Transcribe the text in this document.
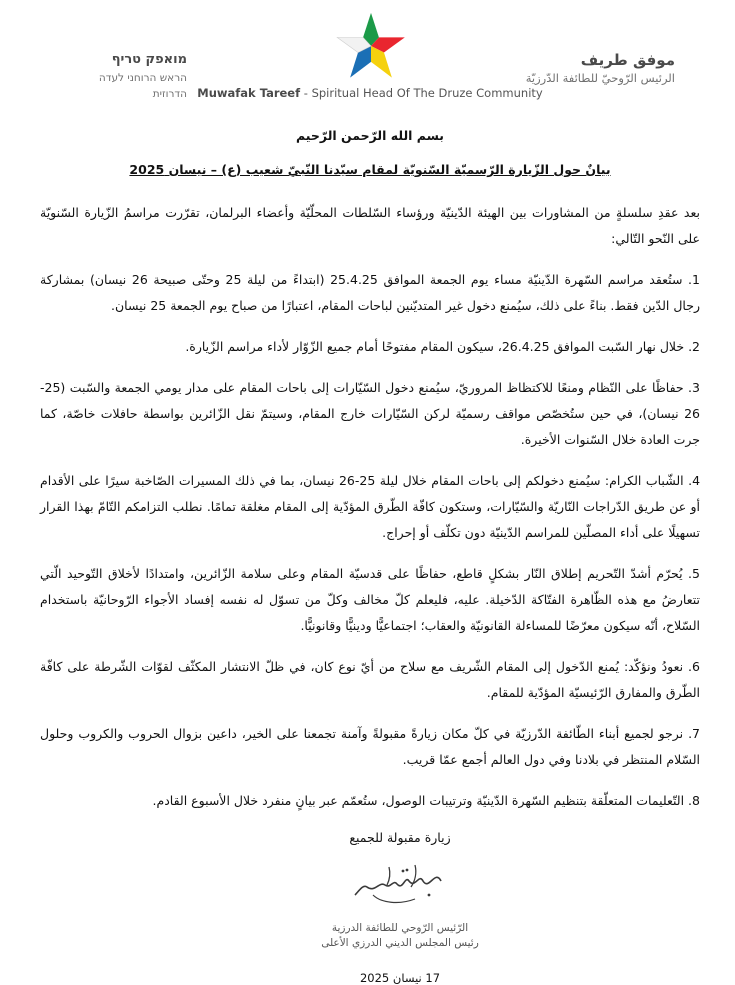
موفق طريف
الرئيس الرّوحيّ للطائفة الدّرزيّة
מואפק טריף
הראש הרוחני לעדה הדרוזית Muwafak Tareef - Spiritual Head Of The Druze Community
بسم الله الرّحمن الرّحيم
بيانٌ حول الزّيارة الرّسميّة السّنويّة لمقام سيّدنا النّبيّ شعيب (ع) – نيسان 2025

بعد عقدِ سلسلةٍ من المشاورات بين الهيئة الدّينيّة ورؤساء السّلطات المحلّيّة وأعضاء البرلمان، تقرّرت مراسمُ الزّيارة السّنويّة على النّحو التّالي:

1. ستُعقد مراسم السّهرة الدّينيّة مساء يوم الجمعة الموافق 25.4.25 (ابتداءً من ليلة 25 وحتّى صبيحة 26 نيسان) بمشاركة رجال الدّين فقط. بناءً على ذلك، سيُمنع دخول غير المتديّنين لباحات المقام، اعتبارًا من صباح يوم الجمعة 25 نيسان.

2. خلال نهار السّبت الموافق 26.4.25، سيكون المقام مفتوحًا أمام جميع الزّوّار لأداء مراسم الزّيارة.

3. حفاظًا على النّظام ومنعًا للاكتظاظ المروريّ، سيُمنع دخول السّيّارات إلى باحات المقام على مدار يومي الجمعة والسّبت (25-26 نيسان)، في حين ستُخصّص مواقف رسميّة لركن السّيّارات خارج المقام، وسيتمّ نقل الزّائرين بواسطة حافلات خاصّة، كما جرت العادة خلال السّنوات الأخيرة.

4. الشّباب الكرام: سيُمنع دخولكم إلى باحات المقام خلال ليلة 25-26 نيسان، بما في ذلك المسيرات الصّاخبة سيرًا على الأقدام أو عن طريق الدّراجات النّاريّة والسّيّارات، وستكون كافّة الطّرق المؤدّية إلى المقام مغلقة تمامًا. نطلب التزامكم التّامّ بهذا القرار تسهيلًا على أداء المصلّين للمراسم الدّينيّة دون تكلّف أو إحراج.

5. يُحرّم أشدّ التّحريم إطلاق النّار بشكلٍ قاطع، حفاظًا على قدسيّة المقام وعلى سلامة الزّائرين، وامتدادًا لأخلاق التّوحيد الّتي تتعارضُ مع هذه الظّاهرة الفتّاكة الدّخيلة. عليه، فليعلم كلّ مخالف وكلّ من تسوّل له نفسه إفساد الأجواء الرّوحانيّة باستخدام السّلاح، أنّه سيكون معرّضًا للمساءلة القانونيّة والعقاب؛ اجتماعيًّا ودينيًّا وقانونيًّا.

6. نعودُ ونؤكّد: يُمنع الدّخول إلى المقام الشّريف مع سلاح من أيّ نوع كان، في ظلّ الانتشار المكثّف لقوّات الشّرطة على كافّة الطّرق والمفارق الرّئيسيّة المؤدّية للمقام.

7. نرجو لجميع أبناء الطّائفة الدّرزيّة في كلّ مكان زيارةً مقبولةً وآمنة تجمعنا على الخير، داعين بزوال الحروب والكروب وحلول السّلام المنتظر في بلادنا وفي دول العالم أجمع عمّا قريب.

8. التّعليمات المتعلّقة بتنظيم السّهرة الدّينيّة وترتيبات الوصول، ستُعمّم عبر بيانٍ منفرد خلال الأسبوع القادم.

زيارة مقبولة للجميع
الرّئيس الرّوحي للطائفة الدرزية
رئيس المجلس الديني الدرزي الأعلى
17 نيسان 2025
